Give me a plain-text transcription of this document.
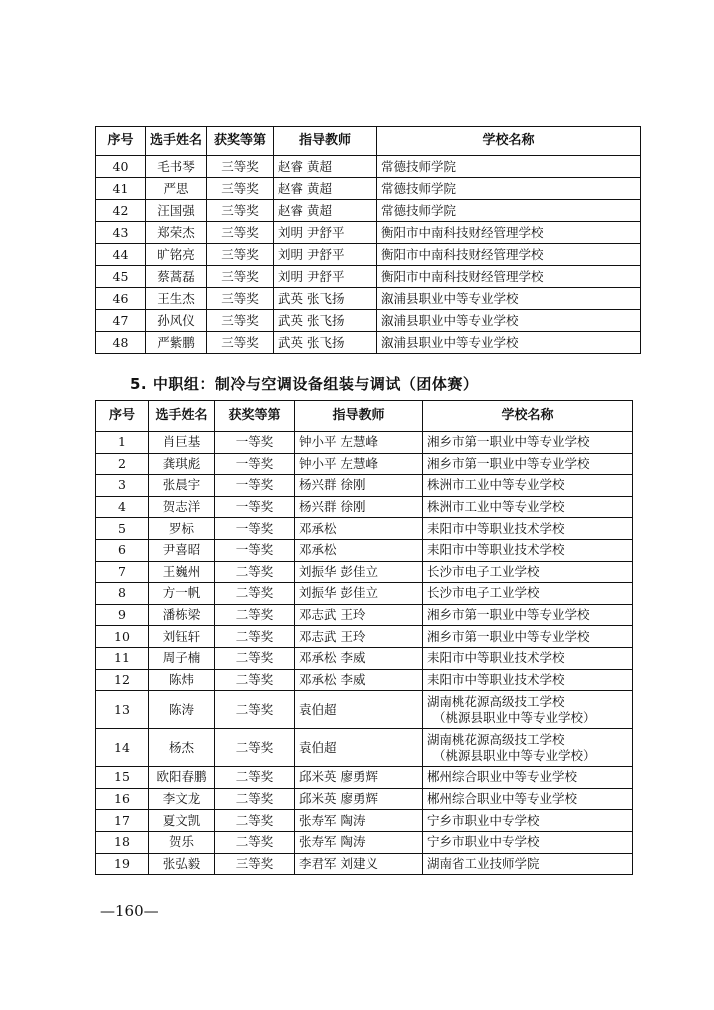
序号	选手姓名	获奖等第	指导教师	学校名称
40	毛书琴	三等奖	赵睿 黄超	常德技师学院
41	严思	三等奖	赵睿 黄超	常德技师学院
42	汪国强	三等奖	赵睿 黄超	常德技师学院
43	郑荣杰	三等奖	刘明 尹舒平	衡阳市中南科技财经管理学校
44	旷铭亮	三等奖	刘明 尹舒平	衡阳市中南科技财经管理学校
45	蔡蒿磊	三等奖	刘明 尹舒平	衡阳市中南科技财经管理学校
46	王生杰	三等奖	武英 张飞扬	溆浦县职业中等专业学校
47	孙风仪	三等奖	武英 张飞扬	溆浦县职业中等专业学校
48	严紫鹏	三等奖	武英 张飞扬	溆浦县职业中等专业学校
5. 中职组：制冷与空调设备组装与调试（团体赛）
序号	选手姓名	获奖等第	指导教师	学校名称
1	肖巨基	一等奖	钟小平 左慧峰	湘乡市第一职业中等专业学校
2	龚琪彪	一等奖	钟小平 左慧峰	湘乡市第一职业中等专业学校
3	张晨宇	一等奖	杨兴群 徐刚	株洲市工业中等专业学校
4	贺志洋	一等奖	杨兴群 徐刚	株洲市工业中等专业学校
5	罗标	一等奖	邓承松	耒阳市中等职业技术学校
6	尹喜昭	一等奖	邓承松	耒阳市中等职业技术学校
7	王巍州	二等奖	刘振华 彭佳立	长沙市电子工业学校
8	方一帆	二等奖	刘振华 彭佳立	长沙市电子工业学校
9	潘栋梁	二等奖	邓志武 王玲	湘乡市第一职业中等专业学校
10	刘钰轩	二等奖	邓志武 王玲	湘乡市第一职业中等专业学校
11	周子楠	二等奖	邓承松 李威	耒阳市中等职业技术学校
12	陈炜	二等奖	邓承松 李威	耒阳市中等职业技术学校
13	陈涛	二等奖	袁伯超	湖南桃花源高级技工学校
（桃源县职业中等专业学校）

14	杨杰	二等奖	袁伯超	湖南桃花源高级技工学校
（桃源县职业中等专业学校）

15	欧阳春鹏	二等奖	邱米英 廖勇辉	郴州综合职业中等专业学校
16	李文龙	二等奖	邱米英 廖勇辉	郴州综合职业中等专业学校
17	夏文凯	二等奖	张寿军 陶涛	宁乡市职业中专学校
18	贺乐	二等奖	张寿军 陶涛	宁乡市职业中专学校
19	张弘毅	三等奖	李君军 刘建义	湖南省工业技师学院
—160—
